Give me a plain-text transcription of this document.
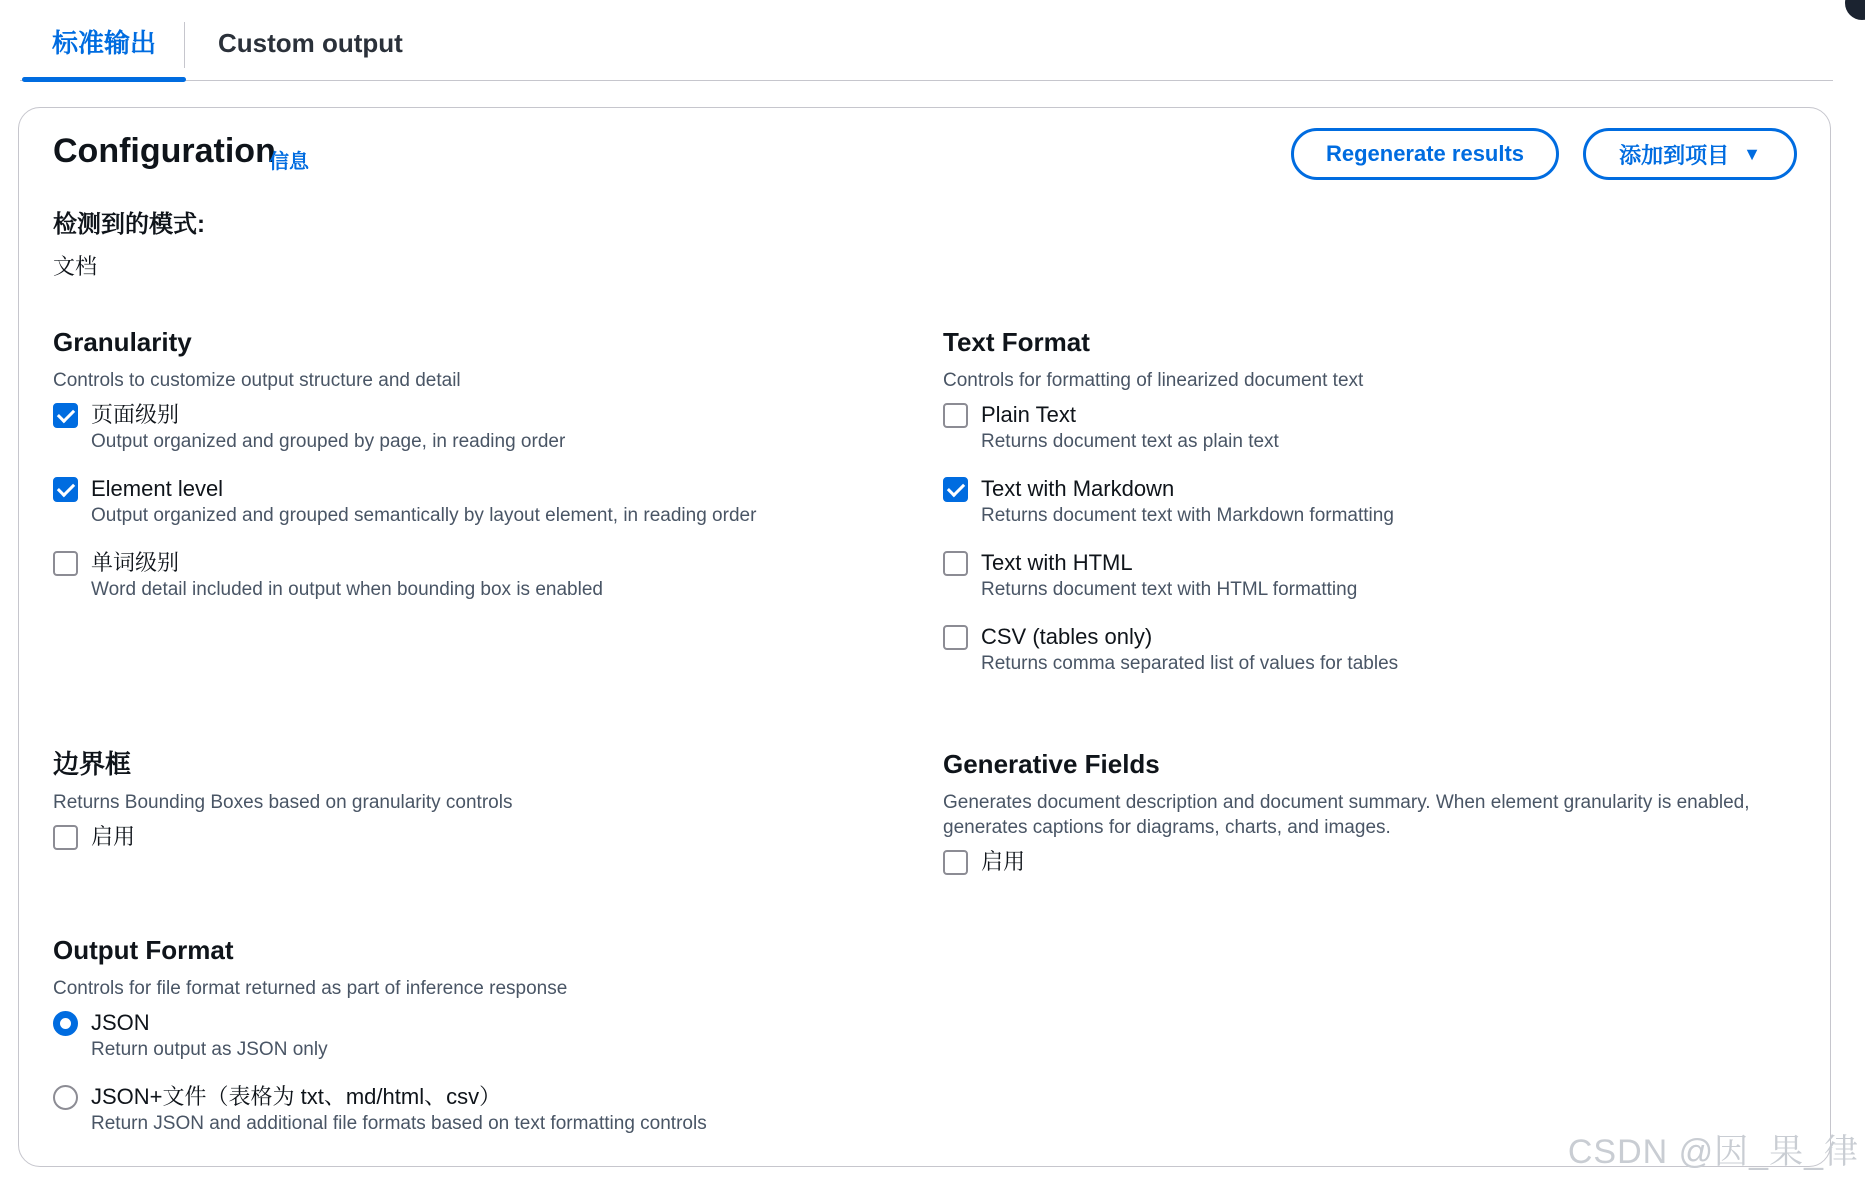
标准输出 Custom output
Configuration
信息	Regenerate results	添加到项目 ▼
检测到的模式:
文档
Granularity
Controls to customize output structure and detail
页面级别
Output organized and grouped by page, in reading order
Element level
Output organized and grouped semantically by layout element, in reading order
单词级别
Word detail included in output when bounding box is enabled
Text Format
Controls for formatting of linearized document text
Plain Text
Returns document text as plain text
Text with Markdown
Returns document text with Markdown formatting
Text with HTML
Returns document text with HTML formatting
CSV (tables only)
Returns comma separated list of values for tables
边界框
Returns Bounding Boxes based on granularity controls
启用
Generative Fields
Generates document description and document summary. When element granularity is enabled, generates captions for diagrams, charts, and images.
启用
Output Format
Controls for file format returned as part of inference response
JSON
Return output as JSON only
JSON+文件（表格为 txt、md/html、csv）
Return JSON and additional file formats based on text formatting controls
CSDN @因_果_律
